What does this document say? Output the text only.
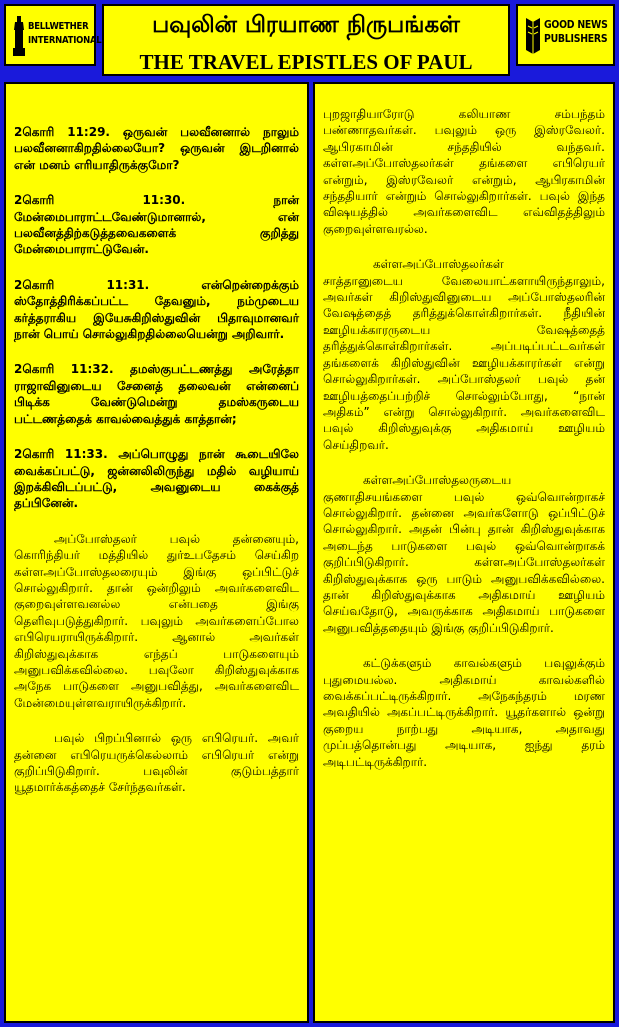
BELLWETHER
INTERNATIONAL
பவுலின் பிரயாண நிருபங்கள்
THE TRAVEL EPISTLES OF PAUL
GOOD NEWS
PUBLISHERS

2கொரி 11:29. ஒருவன் பலவீனனால் நாலும் பலவீனனாகிறதில்லையோ? ஒருவன் இடறினால் என் மனம் எரியாதிருக்குமோ?

2கொரி 11:30. நான் மேன்மைபாராட்டவேண்டுமானால், என் பலவீனத்திற்கடுத்தவைகளைக் குறித்து மேன்மைபாராட்டுவேன்.

2கொரி 11:31. என்றென்றைக்கும் ஸ்தோத்திரிக்கப்பட்ட தேவனும், நம்முடைய கர்த்தராகிய இயேசுகிறிஸ்துவின் பிதாவுமானவர் நான் பொய் சொல்லுகிறதில்லையென்று அறிவார்.

2கொரி 11:32. தமஸ்குபட்டணத்து அரேத்தா ராஜாவினுடைய சேனைத் தலைவன் என்னைப் பிடிக்க வேண்டுமென்று தமஸ்கருடைய பட்டணத்தைக் காவல்வைத்துக் காத்தான்;

2கொரி 11:33. அப்பொழுது நான் கூடையிலே வைக்கப்பட்டு, ஜன்னலிலிருந்து மதில் வழியாய் இறக்கிவிடப்பட்டு, அவனுடைய கைக்குத் தப்பினேன்.

அப்போஸ்தலர் பவுல் தன்னையும், கொரிந்தியர் மத்தியில் துர்உபதேசம் செய்கிற கள்ளஅப்போஸ்தலரையும் இங்கு ஒப்பிட்டுச் சொல்லுகிறார். தான் ஒன்றிலும் அவர்களைவிட குறைவுள்ளவனல்ல என்பதை இங்கு தெளிவுபடுத்துகிறார். பவுலும் அவர்களைப்போல எபிரெயராயிருக்கிறார். ஆனால் அவர்கள் கிறிஸ்துவுக்காக எந்தப் பாடுகளையும் அனுபவிக்கவில்லை. பவுலோ கிறிஸ்துவுக்காக அநேக பாடுகளை அனுபவித்து, அவர்களைவிட மேன்மையுள்ளவராயிருக்கிறார்.

பவுல் பிறப்பினால் ஒரு எபிரெயர். அவர் தன்னை எபிரெயருக்கெல்லாம் எபிரெயர் என்று குறிப்பிடுகிறார். பவுலின் குடும்பத்தார் யூதமார்க்கத்தைச் சேர்ந்தவர்கள்.

புறஜாதியாரோடு கலியாண சம்பந்தம் பண்ணாதவர்கள். பவுலும் ஒரு இஸ்ரவேலர். ஆபிரகாமின் சந்ததியில் வந்தவர். கள்ளஅப்போஸ்தலர்கள் தங்களை எபிரெயர் என்றும், இஸ்ரவேலர் என்றும், ஆபிரகாமின் சந்ததியார் என்றும் சொல்லுகிறார்கள். பவுல் இந்த விஷயத்தில் அவர்களைவிட எவ்விதத்திலும் குறைவுள்ளவரல்ல.

கள்ளஅப்போஸ்தலர்கள்

சாத்தானுடைய வேலையாட்களாயிருந்தாலும், அவர்கள் கிறிஸ்துவினுடைய அப்போஸ்தலரின் வேஷத்தைத் தரித்துக்கொள்கிறார்கள். நீதியின் ஊழியக்காரருடைய வேஷத்தைத் தரித்துக்கொள்கிறார்கள். அப்படிப்பட்டவர்கள் தங்களைக் கிறிஸ்துவின் ஊழியக்காரர்கள் என்று சொல்லுகிறார்கள். அப்போஸ்தலர் பவுல் தன் ஊழியத்தைப்பற்றிச் சொல்லும்போது, “நான் அதிகம்” என்று சொல்லுகிறார். அவர்களைவிட பவுல் கிறிஸ்துவுக்கு அதிகமாய் ஊழியம் செய்திறவர்.

கள்ளஅப்போஸ்தலருடைய குணாதிசயங்களை பவுல் ஒவ்வொன்றாகச் சொல்லுகிறார். தன்னை அவர்களோடு ஒப்பிட்டுச் சொல்லுகிறார். அதன் பின்பு தான் கிறிஸ்துவுக்காக அடைந்த பாடுகளை பவுல் ஒவ்வொன்றாகக் குறிப்பிடுகிறார். கள்ளஅப்போஸ்தலர்கள் கிறிஸ்துவுக்காக ஒரு பாடும் அனுபவிக்கவில்லை. தான் கிறிஸ்துவுக்காக அதிகமாய் ஊழியம் செய்வதோடு, அவருக்காக அதிகமாய் பாடுகளை அனுபவித்ததையும் இங்கு குறிப்பிடுகிறார்.

கட்டுக்களும் காவல்களும் பவுலுக்கும் புதுமையல்ல. அதிகமாய் காவல்களில் வைக்கப்பட்டிருக்கிறார். அநேகந்தரம் மரண அவதியில் அகப்பட்டிருக்கிறார். யூதர்களால் ஒன்று குறைய நாற்பது அடியாக, அதாவது முப்பத்தொன்பது அடியாக, ஐந்து தரம் அடிபட்டிருக்கிறார்.
